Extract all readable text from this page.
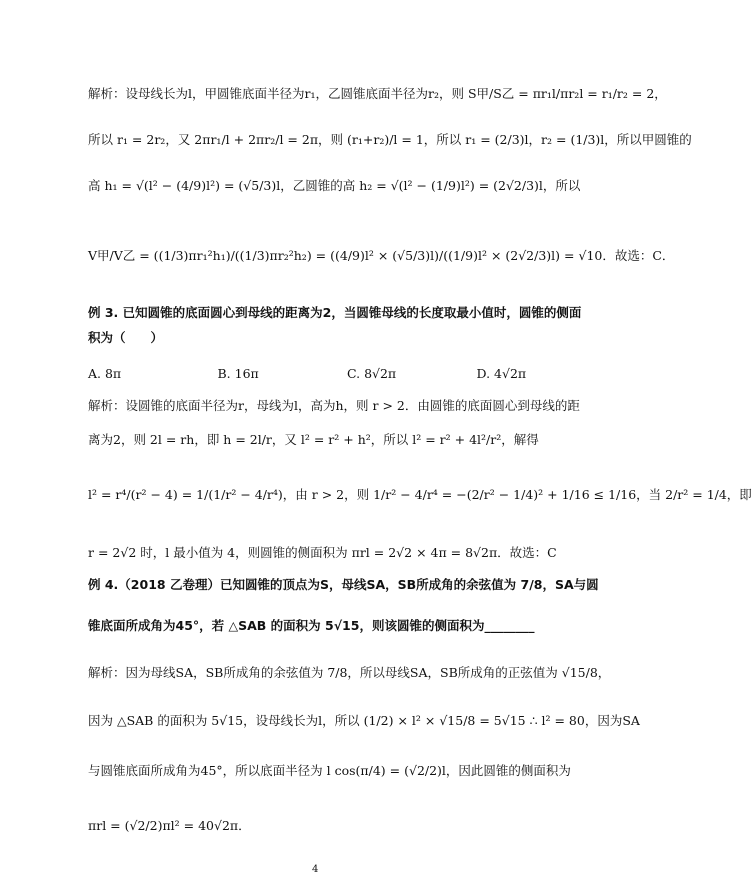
解析：设母线长为l，甲圆锥底面半径为r₁，乙圆锥底面半径为r₂，则 S甲/S乙 = πr₁l/πr₂l = r₁/r₂ = 2，
所以 r₁ = 2r₂，又 2πr₁/l + 2πr₂/l = 2π，则 (r₁+r₂)/l = 1，所以 r₁ = (2/3)l，r₂ = (1/3)l，所以甲圆锥的
高 h₁ = √(l² − (4/9)l²) = (√5/3)l，乙圆锥的高 h₂ = √(l² − (1/9)l²) = (2√2/3)l，所以
V甲/V乙 = ((1/3)πr₁²h₁)/((1/3)πr₂²h₂) = ((4/9)l² × (√5/3)l)/((1/9)l² × (2√2/3)l) = √10．故选：C．
例 3. 已知圆锥的底面圆心到母线的距离为2，当圆锥母线的长度取最小值时，圆锥的侧面
积为（　　）
A. 8π	B. 16π	C. 8√2π	D. 4√2π
解析：设圆锥的底面半径为r，母线为l，高为h，则 r > 2．由圆锥的底面圆心到母线的距
离为2，则 2l = rh，即 h = 2l/r，又 l² = r² + h²，所以 l² = r² + 4l²/r²，解得
l² = r⁴/(r² − 4) = 1/(1/r² − 4/r⁴)，由 r > 2，则 1/r² − 4/r⁴ = −(2/r² − 1/4)² + 1/16 ≤ 1/16，当 2/r² = 1/4，即
r = 2√2 时，l 最小值为 4，则圆锥的侧面积为 πrl = 2√2 × 4π = 8√2π．故选：C
例 4.（2018 乙卷理）已知圆锥的顶点为S，母线SA，SB所成角的余弦值为 7/8，SA与圆
锥底面所成角为45°，若 △SAB 的面积为 5√15，则该圆锥的侧面积为________
解析：因为母线SA，SB所成角的余弦值为 7/8，所以母线SA，SB所成角的正弦值为 √15/8，
因为 △SAB 的面积为 5√15，设母线长为l，所以 (1/2) × l² × √15/8 = 5√15 ∴ l² = 80，因为SA
与圆锥底面所成角为45°，所以底面半径为 l cos(π/4) = (√2/2)l，因此圆锥的侧面积为
πrl = (√2/2)πl² = 40√2π．
4
